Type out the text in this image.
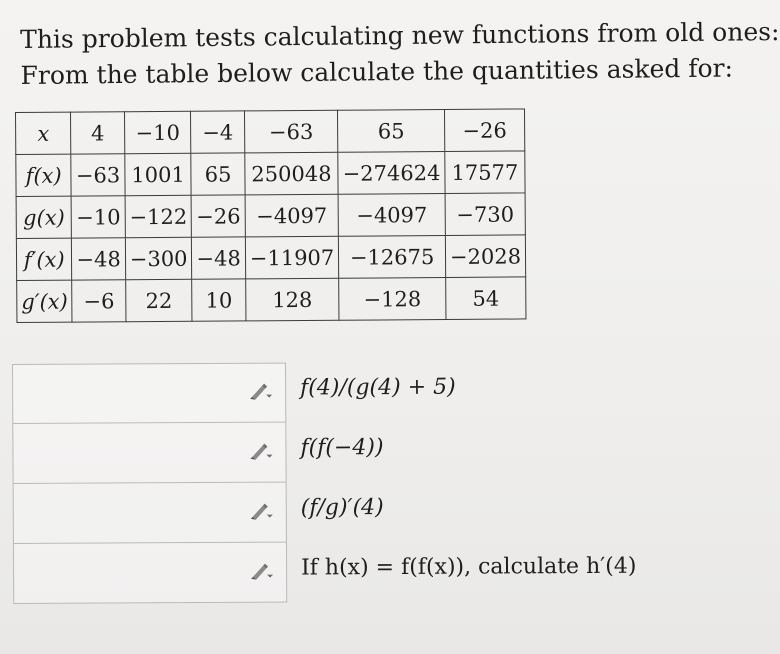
This problem tests calculating new functions from old ones:

From the table below calculate the quantities asked for:

x	4	−10	−4	−63	65	−26
f(x)	−63	1001	65	250048	−274624	17577
g(x)	−10	−122	−26	−4097	−4097	−730
f′(x)	−48	−300	−48	−11907	−12675	−2028
g′(x)	−6	22	10	128	−128	54
f(4)/(g(4) + 5)
f(f(−4))
(f/g)′(4)
If h(x) = f(f(x)), calculate h′(4)
